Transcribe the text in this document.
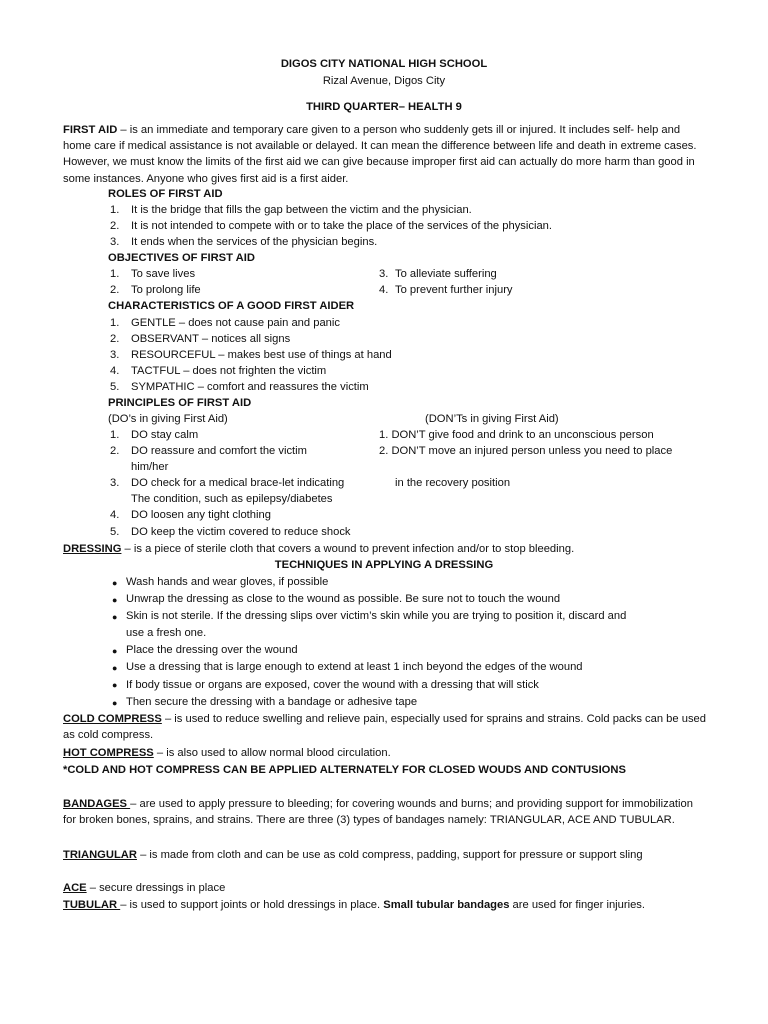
DIGOS CITY NATIONAL HIGH SCHOOL
Rizal Avenue, Digos City
THIRD QUARTER– HEALTH 9
FIRST AID – is an immediate and temporary care given to a person who suddenly gets ill or injured. It includes self- help and home care if medical assistance is not available or delayed. It can mean the difference between life and death in extreme cases. However, we must know the limits of the first aid we can give because improper first aid can actually do more harm than good in some instances. Anyone who gives first aid is a first aider.
ROLES OF FIRST AID
1. It is the bridge that fills the gap between the victim and the physician.
2. It is not intended to compete with or to take the place of the services of the physician.
3. It ends when the services of the physician begins.
OBJECTIVES OF FIRST AID
1. To save lives
2. To prolong life
3. To alleviate suffering
4. To prevent further injury
CHARACTERISTICS OF A GOOD FIRST AIDER
1. GENTLE – does not cause pain and panic
2. OBSERVANT – notices all signs
3. RESOURCEFUL – makes best use of things at hand
4. TACTFUL – does not frighten the victim
5. SYMPATHIC – comfort and reassures the victim
PRINCIPLES OF FIRST AID
(DO’s in giving First Aid)	(DON’Ts in giving First Aid)
1. DO stay calm
2. DO reassure and comfort the victim
him/her
3. DO check for a medical brace-let indicating
The condition, such as epilepsy/diabetes
4. DO loosen any tight clothing
5. DO keep the victim covered to reduce shock
1. DON’T give food and drink to an unconscious person
2. DON’T move an injured person unless you need to place
in the recovery position
DRESSING – is a piece of sterile cloth that covers a wound to prevent infection and/or to stop bleeding.
TECHNIQUES IN APPLYING A DRESSING
● Wash hands and wear gloves, if possible
● Unwrap the dressing as close to the wound as possible. Be sure not to touch the wound
● Skin is not sterile. If the dressing slips over victim’s skin while you are trying to position it, discard and
use a fresh one.
● Place the dressing over the wound
● Use a dressing that is large enough to extend at least 1 inch beyond the edges of the wound
● If body tissue or organs are exposed, cover the wound with a dressing that will stick
● Then secure the dressing with a bandage or adhesive tape
COLD COMPRESS – is used to reduce swelling and relieve pain, especially used for sprains and strains. Cold packs can be used as cold compress.
HOT COMPRESS – is also used to allow normal blood circulation.
*COLD AND HOT COMPRESS CAN BE APPLIED ALTERNATELY FOR CLOSED WOUDS AND CONTUSIONS
BANDAGES – are used to apply pressure to bleeding; for covering wounds and burns; and providing support for immobilization for broken bones, sprains, and strains. There are three (3) types of bandages namely: TRIANGULAR, ACE AND TUBULAR.
TRIANGULAR – is made from cloth and can be use as cold compress, padding, support for pressure or support sling
ACE – secure dressings in place
TUBULAR – is used to support joints or hold dressings in place. Small tubular bandages are used for finger injuries.
